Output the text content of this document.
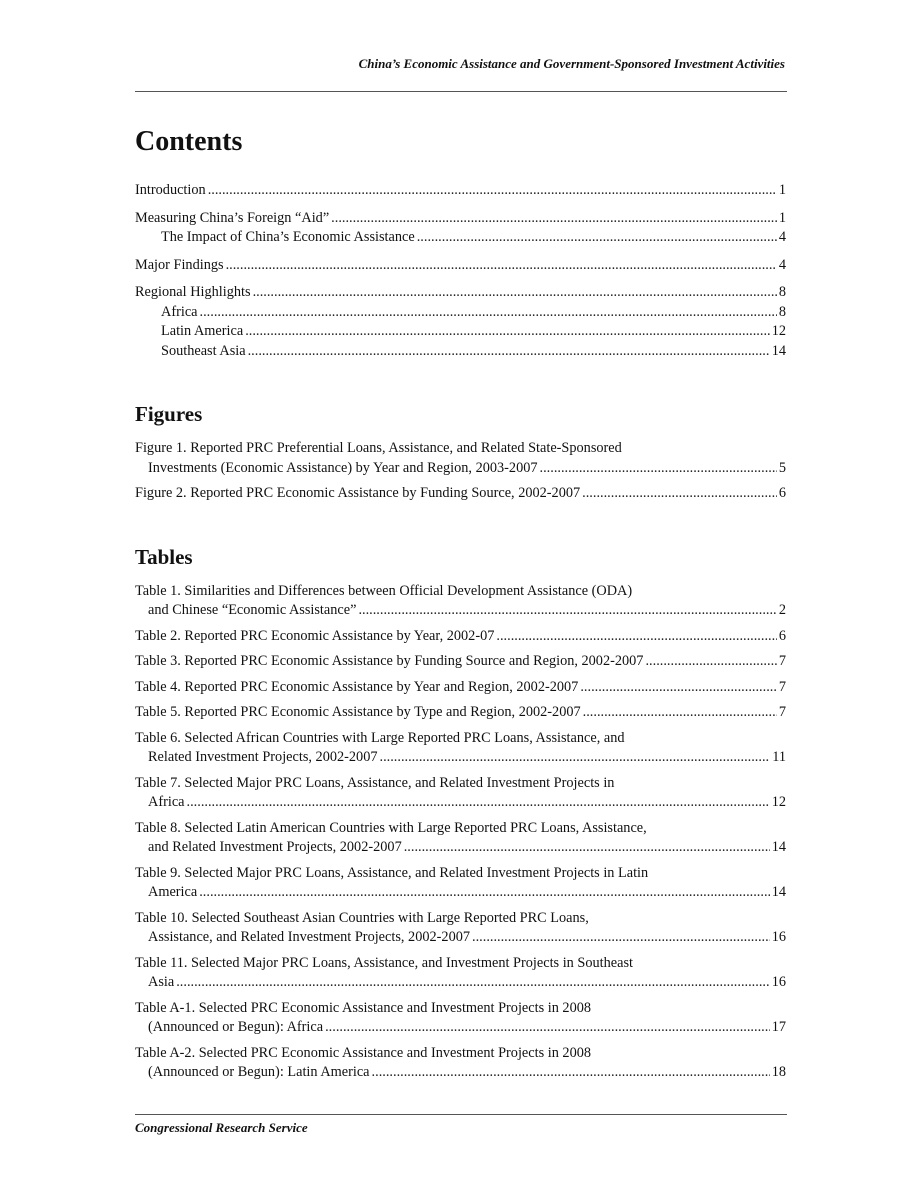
China’s Economic Assistance and Government-Sponsored Investment Activities
Contents
Introduction .....	1
Measuring China’s Foreign “Aid” .....	1
The Impact of China’s Economic Assistance .....	4
Major Findings .....	4
Regional Highlights .....	8
Africa .....	8
Latin America .....	12
Southeast Asia .....	14
Figures
Figure 1. Reported PRC Preferential Loans, Assistance, and Related State-Sponsored
Investments (Economic Assistance) by Year and Region, 2003-2007 .....	5
Figure 2. Reported PRC Economic Assistance by Funding Source, 2002-2007 .....	6
Tables
Table 1. Similarities and Differences between Official Development Assistance (ODA)
and Chinese “Economic Assistance” .....	2
Table 2. Reported PRC Economic Assistance by Year, 2002-07 .....	6
Table 3. Reported PRC Economic Assistance by Funding Source and Region, 2002-2007 .....	7
Table 4. Reported PRC Economic Assistance by Year and Region, 2002-2007 .....	7
Table 5. Reported PRC Economic Assistance by Type and Region, 2002-2007 .....	7
Table 6. Selected African Countries with Large Reported PRC Loans, Assistance, and
Related Investment Projects, 2002-2007 .....	11
Table 7. Selected Major PRC Loans, Assistance, and Related Investment Projects in
Africa .....	12
Table 8. Selected Latin American Countries with Large Reported PRC Loans, Assistance,
and Related Investment Projects, 2002-2007 .....	14
Table 9. Selected Major PRC Loans, Assistance, and Related Investment Projects in Latin
America .....	14
Table 10. Selected Southeast Asian Countries with Large Reported PRC Loans,
Assistance, and Related Investment Projects, 2002-2007 .....	16
Table 11. Selected Major PRC Loans, Assistance, and Investment Projects in Southeast
Asia .....	16
Table A-1. Selected PRC Economic Assistance and Investment Projects in 2008
(Announced or Begun): Africa .....	17
Table A-2. Selected PRC Economic Assistance and Investment Projects in 2008
(Announced or Begun): Latin America .....	18
Congressional Research Service
